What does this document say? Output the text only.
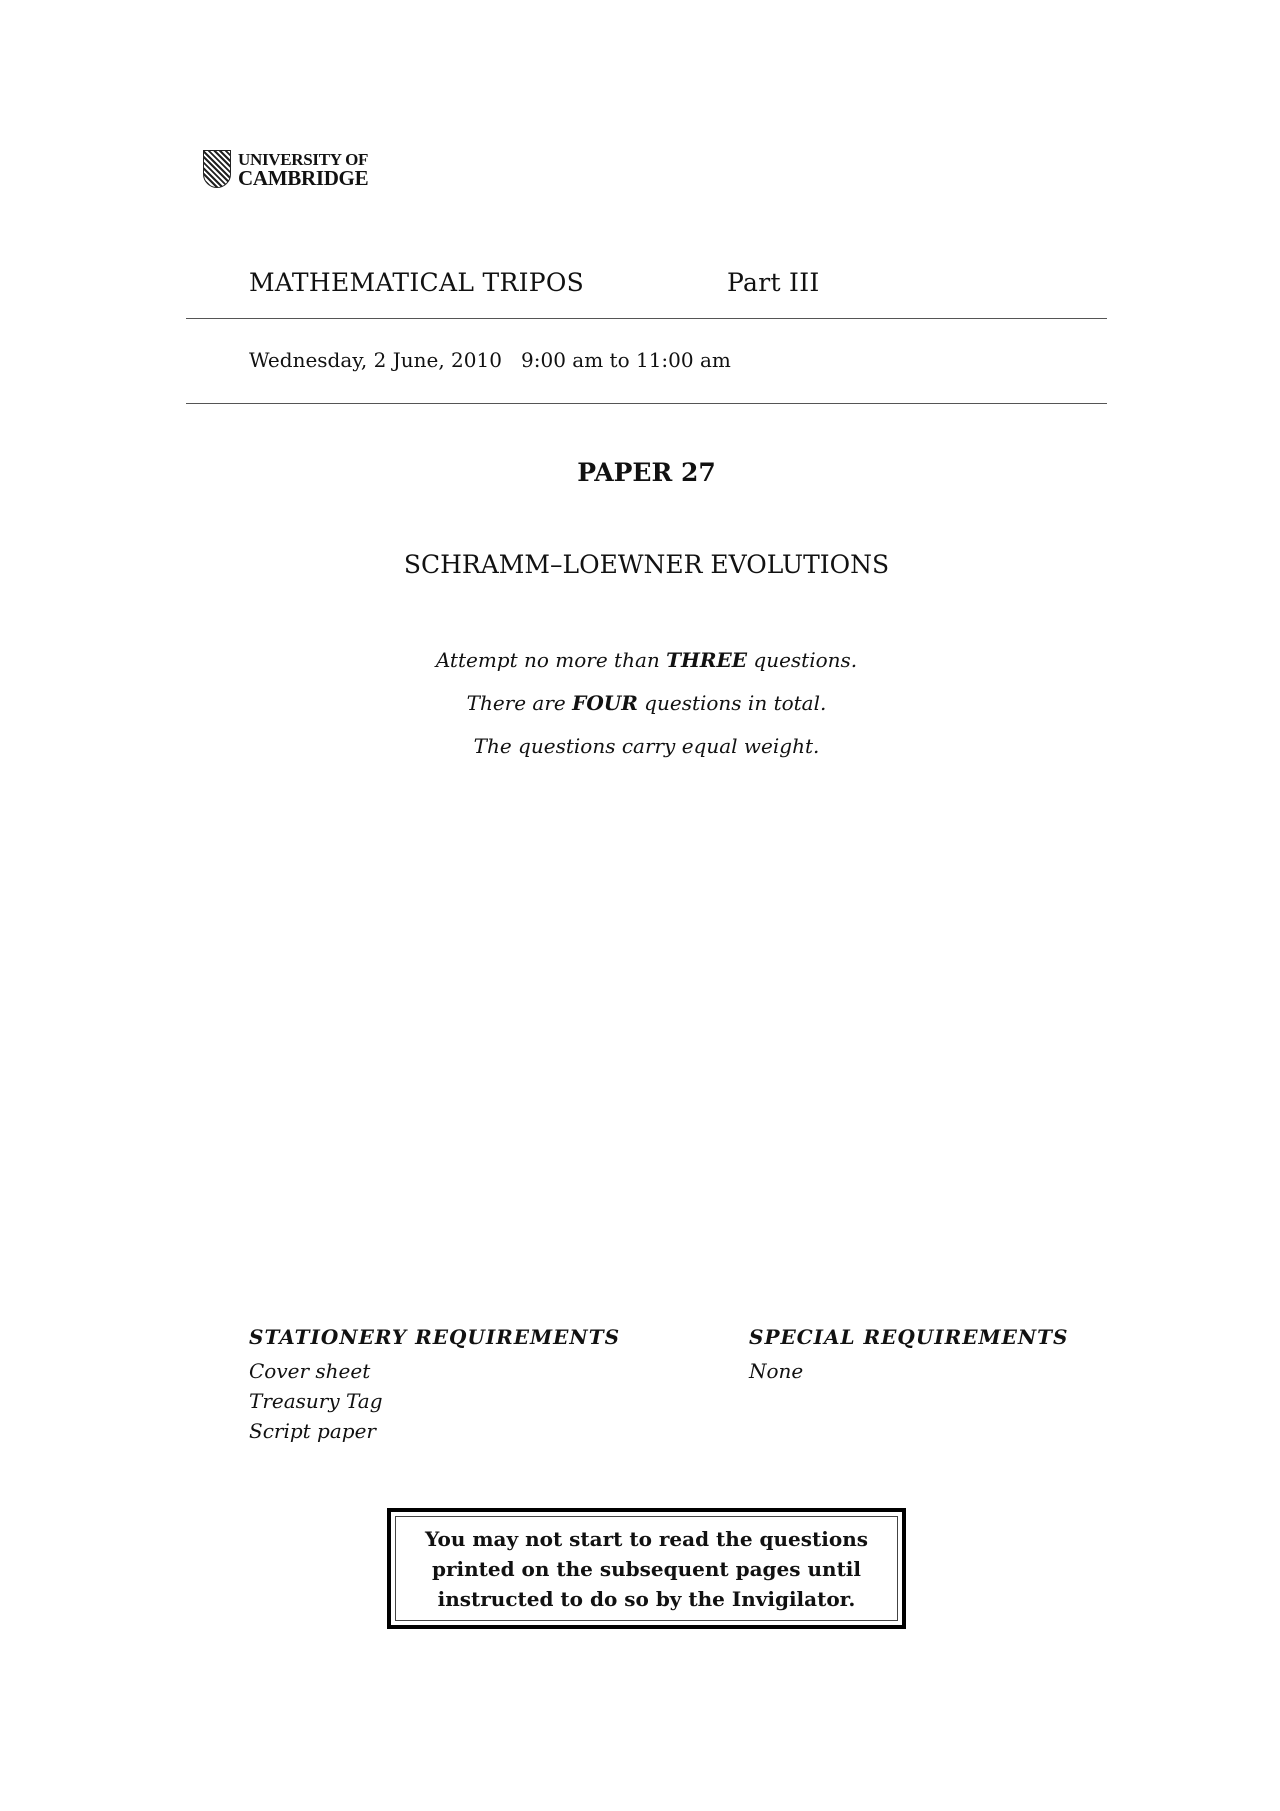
UNIVERSITY OF
CAMBRIDGE
MATHEMATICAL TRIPOS	Part III
Wednesday, 2 June, 2010 9:00 am to 11:00 am
PAPER 27
SCHRAMM–LOEWNER EVOLUTIONS
Attempt no more than THREE questions.
There are FOUR questions in total.
The questions carry equal weight.
STATIONERY REQUIREMENTS
Cover sheet
Treasury Tag
Script paper
SPECIAL REQUIREMENTS
None
You may not start to read the questions
printed on the subsequent pages until
instructed to do so by the Invigilator.
